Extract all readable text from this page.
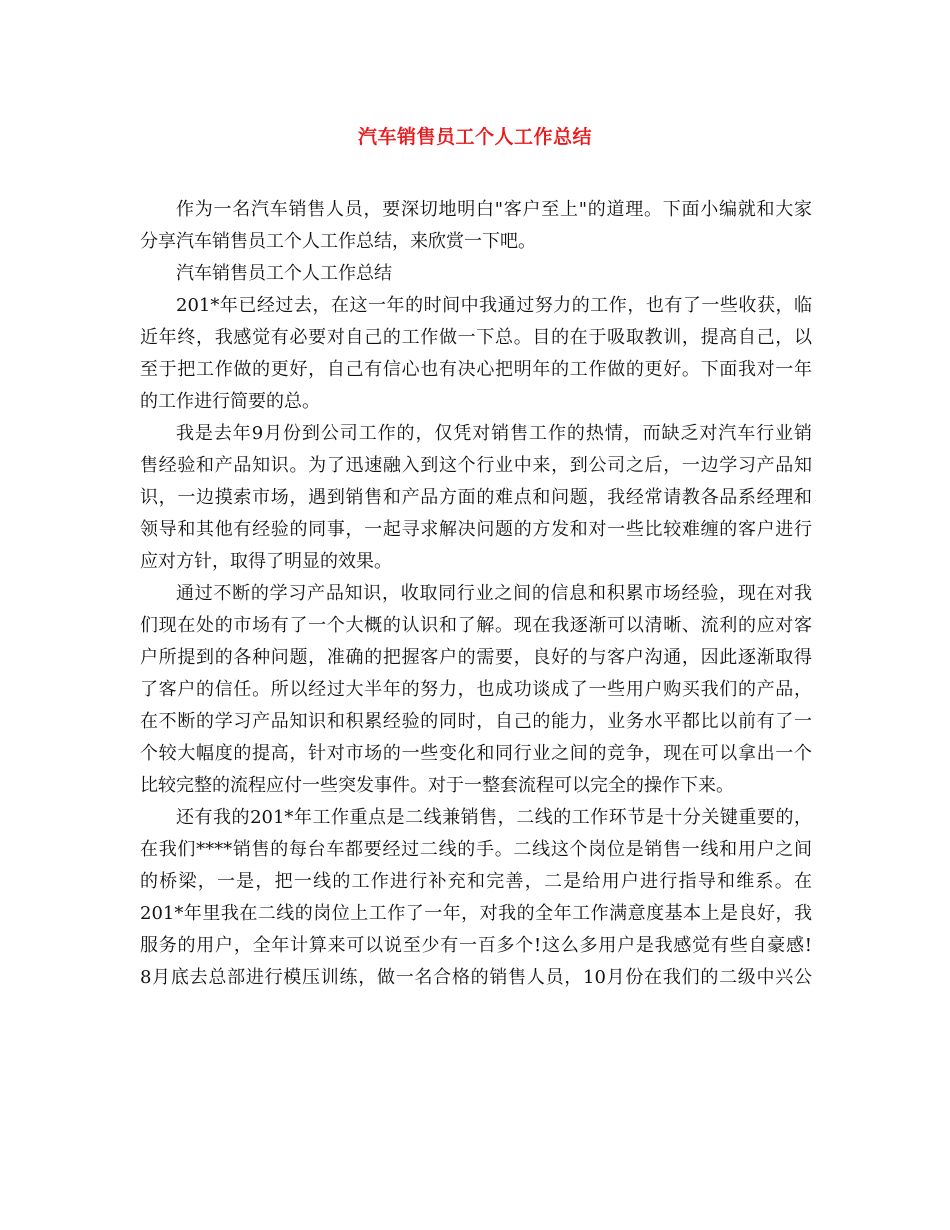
汽车销售员工个人工作总结
作为一名汽车销售人员，要深切地明白"客户至上"的道理。下面小编就和大家
分享汽车销售员工个人工作总结，来欣赏一下吧。
汽车销售员工个人工作总结
201*年已经过去，在这一年的时间中我通过努力的工作，也有了一些收获，临
近年终，我感觉有必要对自己的工作做一下总。目的在于吸取教训，提高自己，以
至于把工作做的更好，自己有信心也有决心把明年的工作做的更好。下面我对一年
的工作进行简要的总。
我是去年9月份到公司工作的，仅凭对销售工作的热情，而缺乏对汽车行业销
售经验和产品知识。为了迅速融入到这个行业中来，到公司之后，一边学习产品知
识，一边摸索市场，遇到销售和产品方面的难点和问题，我经常请教各品系经理和
领导和其他有经验的同事，一起寻求解决问题的方发和对一些比较难缠的客户进行
应对方针，取得了明显的效果。
通过不断的学习产品知识，收取同行业之间的信息和积累市场经验，现在对我
们现在处的市场有了一个大概的认识和了解。现在我逐渐可以清晰、流利的应对客
户所提到的各种问题，准确的把握客户的需要，良好的与客户沟通，因此逐渐取得
了客户的信任。所以经过大半年的努力，也成功谈成了一些用户购买我们的产品，
在不断的学习产品知识和积累经验的同时，自己的能力，业务水平都比以前有了一
个较大幅度的提高，针对市场的一些变化和同行业之间的竞争，现在可以拿出一个
比较完整的流程应付一些突发事件。对于一整套流程可以完全的操作下来。
还有我的201*年工作重点是二线兼销售，二线的工作环节是十分关键重要的，
在我们****销售的每台车都要经过二线的手。二线这个岗位是销售一线和用户之间
的桥梁，一是，把一线的工作进行补充和完善，二是给用户进行指导和维系。在
201*年里我在二线的岗位上工作了一年，对我的全年工作满意度基本上是良好，我
服务的用户，全年计算来可以说至少有一百多个!这么多用户是我感觉有些自豪感!
8月底去总部进行模压训练，做一名合格的销售人员，10月份在我们的二级中兴公
